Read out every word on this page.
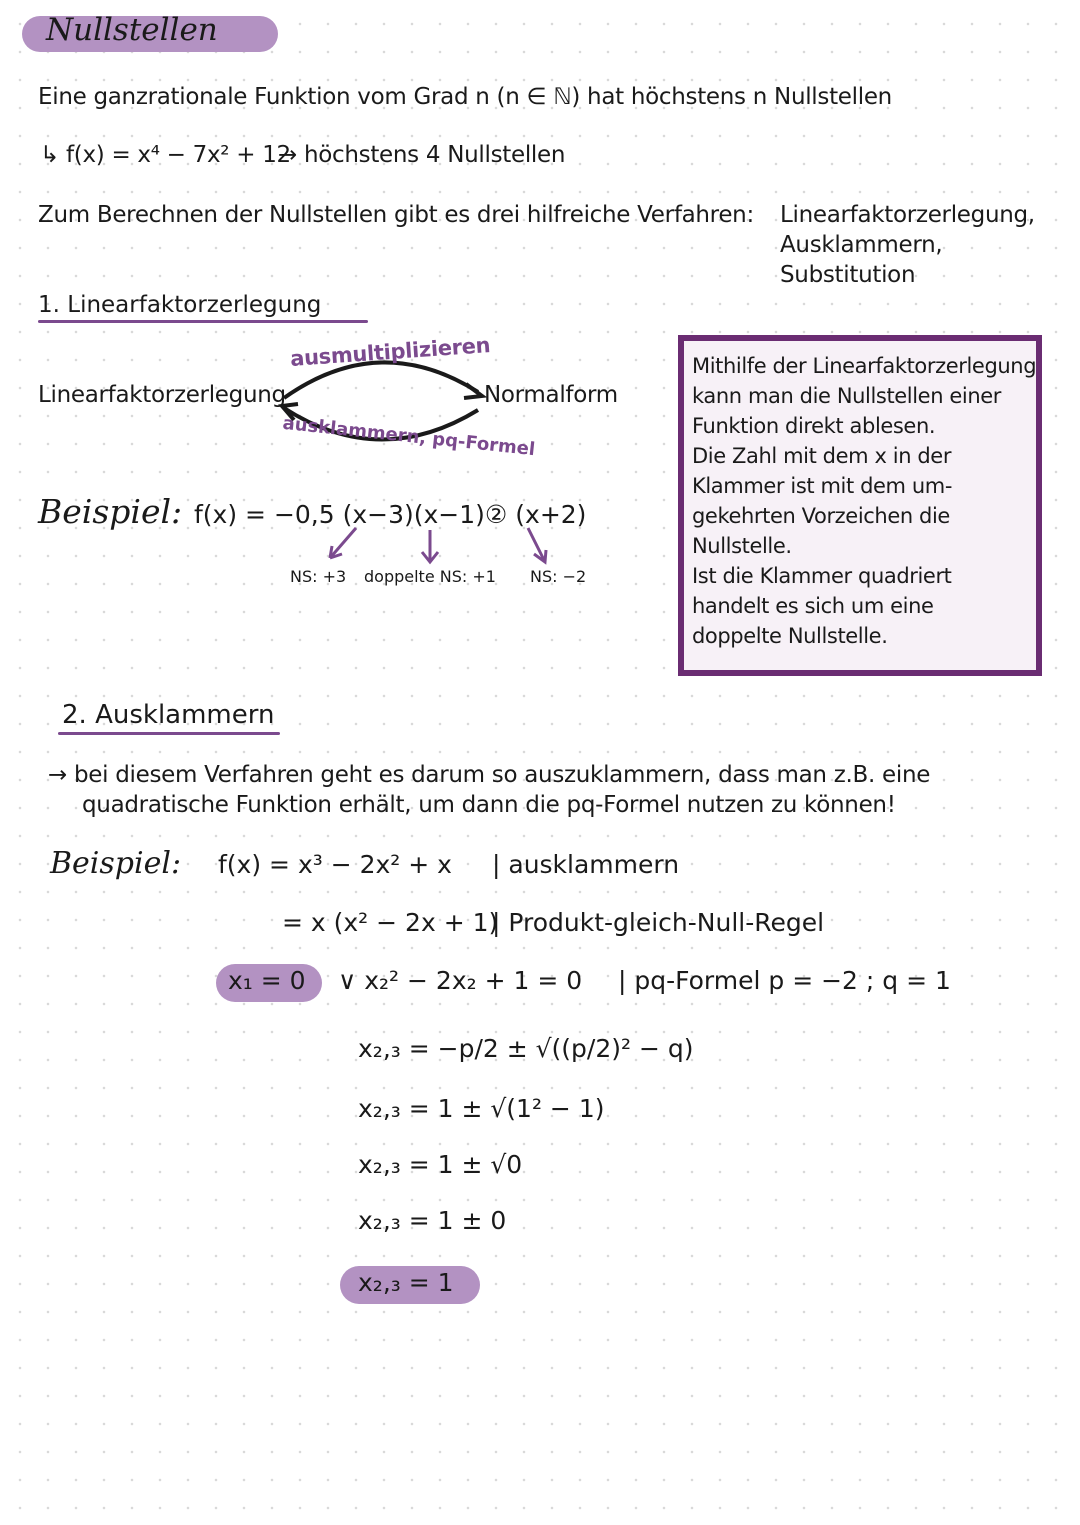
Nullstellen
Eine ganzrationale Funktion vom Grad n (n ∈ ℕ) hat höchstens n Nullstellen
↳ f(x) = x⁴ − 7x² + 12
→ höchstens 4 Nullstellen
Zum Berechnen der Nullstellen gibt es drei hilfreiche Verfahren: Linearfaktorzerlegung,
Ausklammern,
Substitution
1. Linearfaktorzerlegung
Linearfaktorzerlegung	Normalform
ausmultiplizieren
ausklammern, pq-Formel
Beispiel: f(x) = −0,5 (x−3)(x−1)② (x+2)
NS: +3 doppelte NS: +1 NS: −2
Mithilfe der Linearfaktorzerlegung
kann man die Nullstellen einer
Funktion direkt ablesen.
Die Zahl mit dem x in der
Klammer ist mit dem um-
gekehrten Vorzeichen die
Nullstelle.
Ist die Klammer quadriert
handelt es sich um eine
doppelte Nullstelle.
2. Ausklammern
→ bei diesem Verfahren geht es darum so auszuklammern, dass man z.B. eine
quadratische Funktion erhält, um dann die pq-Formel nutzen zu können!
Beispiel: f(x) = x³ − 2x² + x | ausklammern
= x (x² − 2x + 1)
| Produkt-gleich-Null-Regel
x₁ = 0 ∨ x₂² − 2x₂ + 1 = 0 | pq-Formel p = −2 ; q = 1
x₂,₃ = −p/2 ± √((p/2)² − q)
x₂,₃ = 1 ± √(1² − 1)
x₂,₃ = 1 ± √0
x₂,₃ = 1 ± 0
x₂,₃ = 1
